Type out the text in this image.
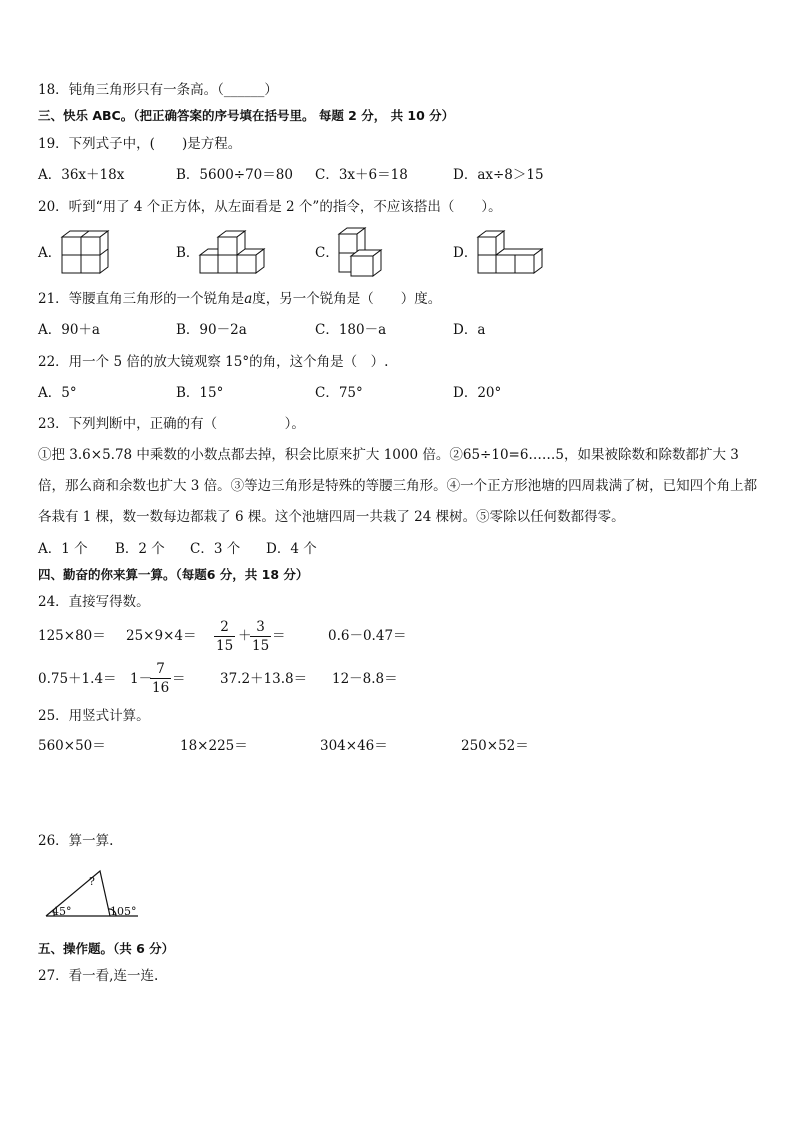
18．钝角三角形只有一条高。（______）
三、快乐 ABC。（把正确答案的序号填在括号里。 每题 2 分， 共 10 分）
19．下列式子中，(　　)是方程。
A．36x＋18x	B．5600÷70＝80 C．3x＋6＝18	D．ax÷8＞15
20．听到“用了 4 个正方体，从左面看是 2 个”的指令，不应该搭出（　　）。
A．	B．	C．	D．
21．等腰直角三角形的一个锐角是a度，另一个锐角是（　　）度。
A．90＋a	B．90－2a	C．180－a	D．a
22．用一个 5 倍的放大镜观察 15°的角，这个角是（　）.
A．5°	B．15°	C．75°	D．20°
23．下列判断中，正确的有（　　　　　）。
①把 3.6×5.78 中乘数的小数点都去掉，积会比原来扩大 1000 倍。②65÷10=6……5，如果被除数和除数都扩大 3 倍，那么商和余数也扩大 3 倍。③等边三角形是特殊的等腰三角形。④一个正方形池塘的四周栽满了树，已知四个角上都各栽有 1 棵，数一数每边都栽了 6 棵。这个池塘四周一共栽了 24 棵树。⑤零除以任何数都得零。
A．1 个 B．2 个 C．3 个 D．4 个
四、勤奋的你来算一算。（每题6 分，共 18 分）
24．直接写得数。
125×80＝ 25×9×4＝
2
15
＋
3
15
＝	0.6－0.47＝
0.75＋1.4＝ 1－
7
16
＝	37.2＋13.8＝ 12－8.8＝
25．用竖式计算。
560×50＝	18×225＝	304×46＝	250×52＝
26．算一算.
45°
?
105°
五、操作题。（共 6 分）
27．看一看,连一连.
